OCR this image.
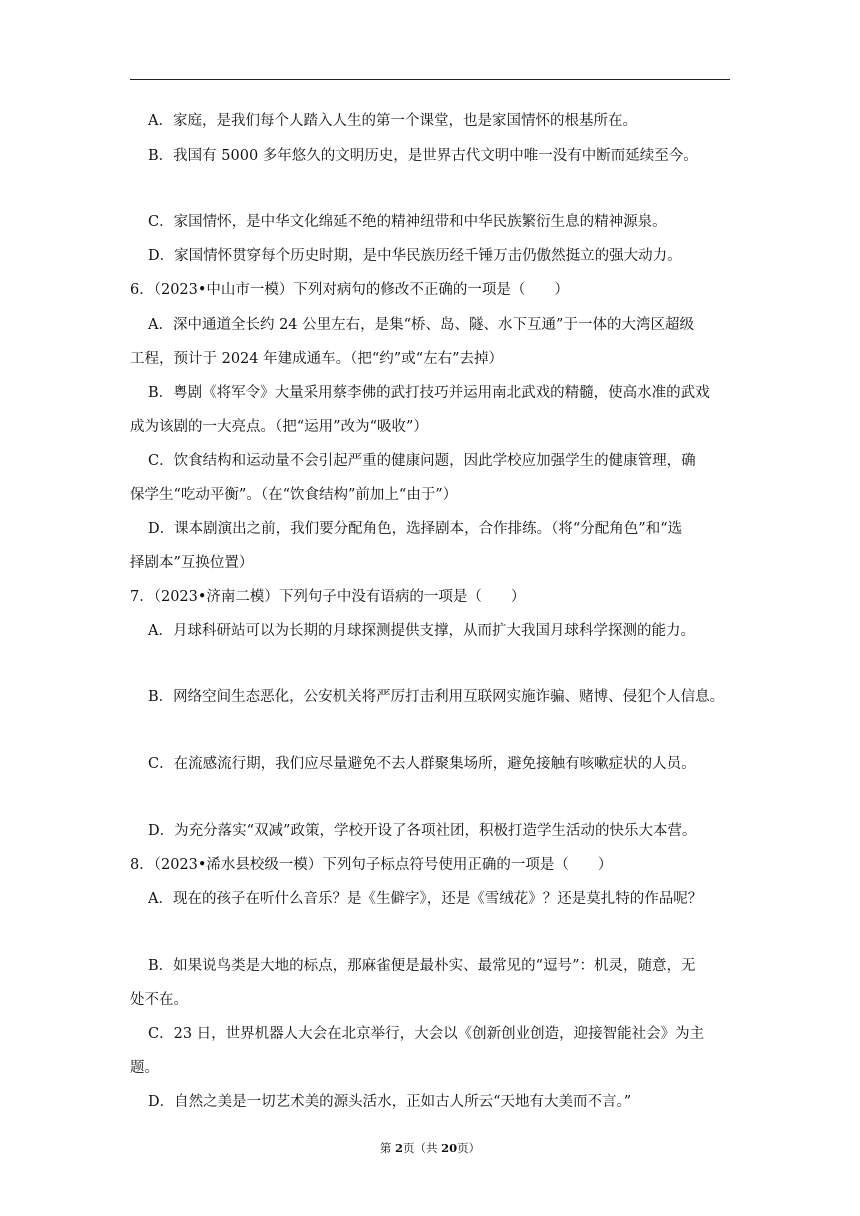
A．家庭，是我们每个人踏入人生的第一个课堂，也是家国情怀的根基所在。
B．我国有 5000 多年悠久的文明历史，是世界古代文明中唯一没有中断而延续至今。
C．家国情怀，是中华文化绵延不绝的精神纽带和中华民族繁衍生息的精神源泉。
D．家国情怀贯穿每个历史时期，是中华民族历经千锤万击仍傲然挺立的强大动力。
6．（2023•中山市一模）下列对病句的修改不正确的一项是（　　）
A．深中通道全长约 24 公里左右，是集“桥、岛、隧、水下互通”于一体的大湾区超级
工程，预计于 2024 年建成通车。（把“约”或“左右”去掉）
B．粤剧《将军令》大量采用蔡李佛的武打技巧并运用南北武戏的精髓，使高水准的武戏
成为该剧的一大亮点。（把“运用”改为“吸收”）
C．饮食结构和运动量不会引起严重的健康问题，因此学校应加强学生的健康管理，确
保学生“吃动平衡”。（在“饮食结构”前加上“由于”）
D．课本剧演出之前，我们要分配角色，选择剧本，合作排练。（将“分配角色”和“选
择剧本”互换位置）
7．（2023•济南二模）下列句子中没有语病的一项是（　　）
A．月球科研站可以为长期的月球探测提供支撑，从而扩大我国月球科学探测的能力。
B．网络空间生态恶化，公安机关将严厉打击利用互联网实施诈骗、赌博、侵犯个人信息。
C．在流感流行期，我们应尽量避免不去人群聚集场所，避免接触有咳嗽症状的人员。
D．为充分落实“双减”政策，学校开设了各项社团，积极打造学生活动的快乐大本营。
8．（2023•浠水县校级一模）下列句子标点符号使用正确的一项是（　　）
A．现在的孩子在听什么音乐？是《生僻字》，还是《雪绒花》？还是莫扎特的作品呢？
B．如果说鸟类是大地的标点，那麻雀便是最朴实、最常见的“逗号”：机灵，随意，无
处不在。
C．23 日，世界机器人大会在北京举行，大会以《创新创业创造，迎接智能社会》为主
题。
D．自然之美是一切艺术美的源头活水，正如古人所云“天地有大美而不言。”
第 2页（共 20页）
